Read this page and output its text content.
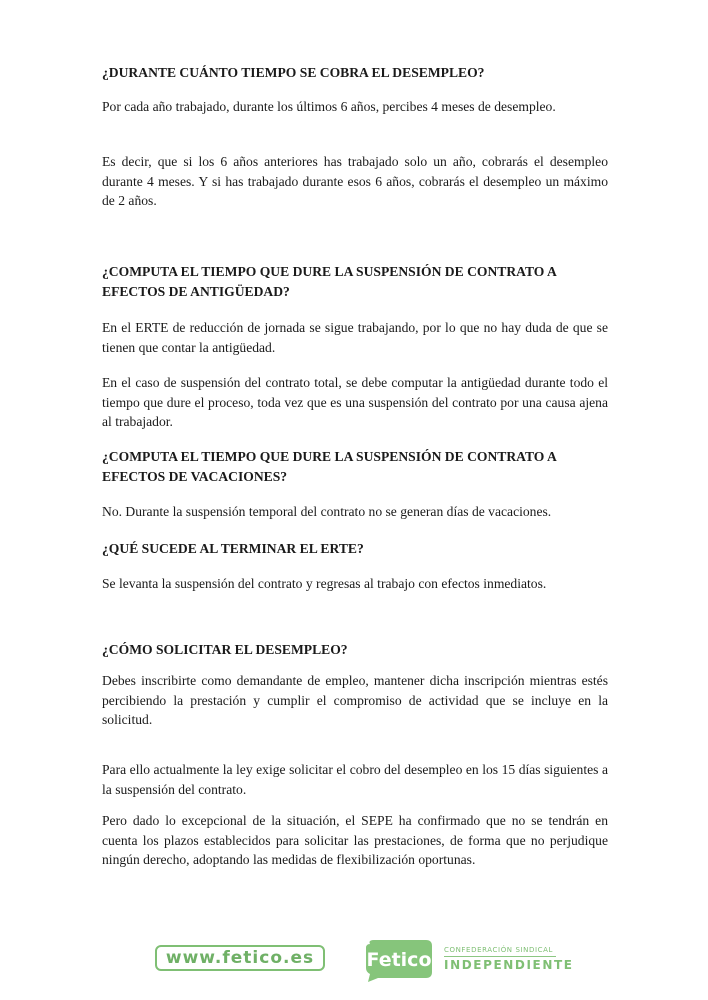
¿DURANTE CUÁNTO TIEMPO SE COBRA EL DESEMPLEO?

Por cada año trabajado, durante los últimos 6 años, percibes 4 meses de desempleo.

Es decir, que si los 6 años anteriores has trabajado solo un año, cobrarás el desempleo durante 4 meses. Y si has trabajado durante esos 6 años, cobrarás el desempleo un máximo de 2 años.

¿COMPUTA EL TIEMPO QUE DURE LA SUSPENSIÓN DE CONTRATO A EFECTOS DE ANTIGÜEDAD?

En el ERTE de reducción de jornada se sigue trabajando, por lo que no hay duda de que se tienen que contar la antigüedad.

En el caso de suspensión del contrato total, se debe computar la antigüedad durante todo el tiempo que dure el proceso, toda vez que es una suspensión del contrato por una causa ajena al trabajador.

¿COMPUTA EL TIEMPO QUE DURE LA SUSPENSIÓN DE CONTRATO A EFECTOS DE VACACIONES?

No. Durante la suspensión temporal del contrato no se generan días de vacaciones.

¿QUÉ SUCEDE AL TERMINAR EL ERTE?

Se levanta la suspensión del contrato y regresas al trabajo con efectos inmediatos.

¿CÓMO SOLICITAR EL DESEMPLEO?

Debes inscribirte como demandante de empleo, mantener dicha inscripción mientras estés percibiendo la prestación y cumplir el compromiso de actividad que se incluye en la solicitud.

Para ello actualmente la ley exige solicitar el cobro del desempleo en los 15 días siguientes a la suspensión del contrato.

Pero dado lo excepcional de la situación, el SEPE ha confirmado que no se tendrán en cuenta los plazos establecidos para solicitar las prestaciones, de forma que no perjudique ningún derecho, adoptando las medidas de flexibilización oportunas.

www.fetico.es	Fetico CONFEDERACIÓN SINDICAL
INDEPENDIENTE
